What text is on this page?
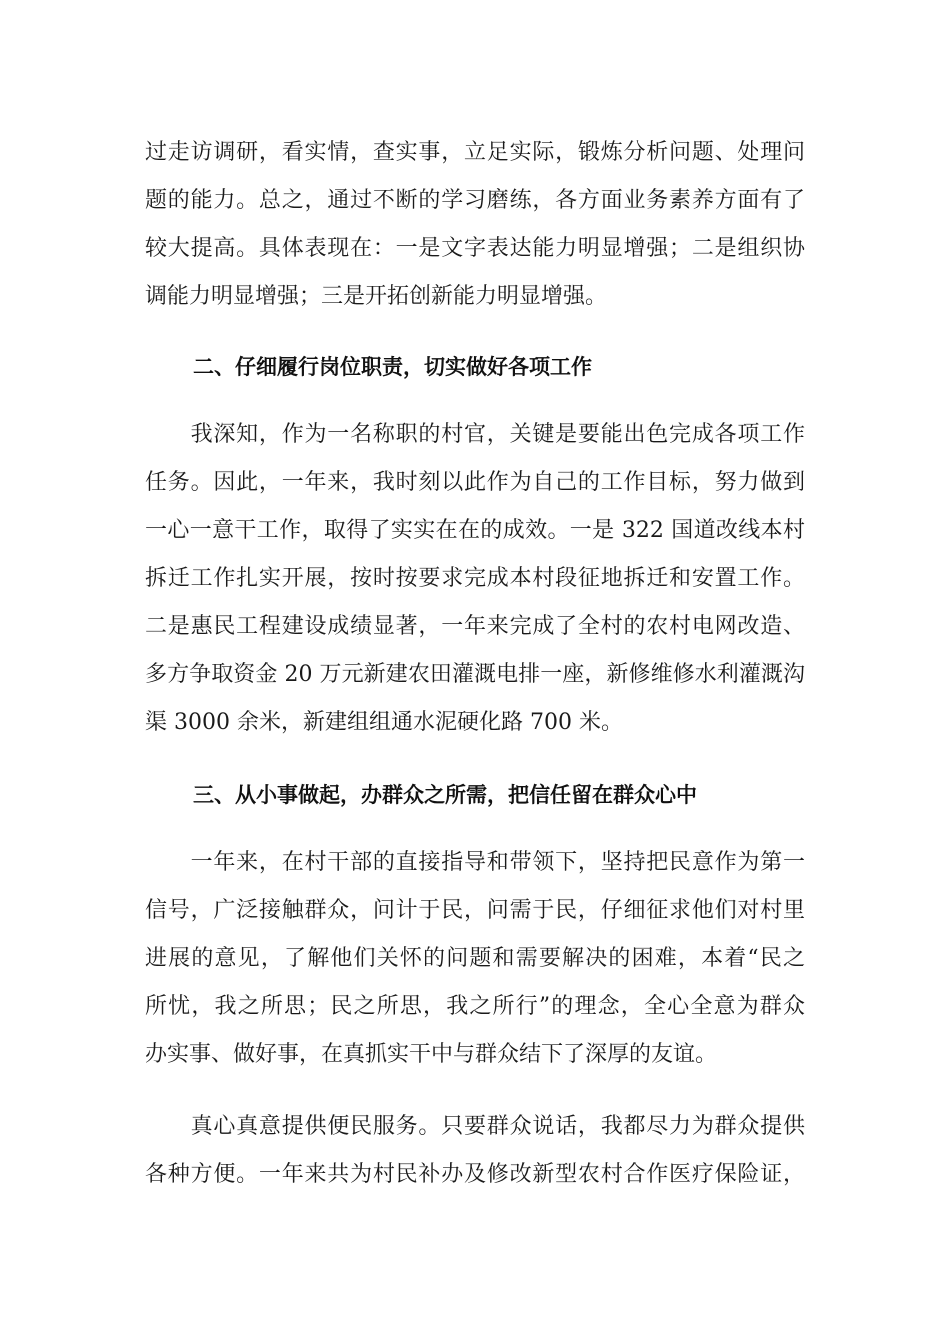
过走访调研，看实情，查实事，立足实际，锻炼分析问题、处理问
题的能力。总之，通过不断的学习磨练，各方面业务素养方面有了
较大提高。具体表现在：一是文字表达能力明显增强；二是组织协
调能力明显增强；三是开拓创新能力明显增强。
二、仔细履行岗位职责，切实做好各项工作
　　我深知，作为一名称职的村官，关键是要能出色完成各项工作
任务。因此，一年来，我时刻以此作为自己的工作目标，努力做到
一心一意干工作，取得了实实在在的成效。一是 322 国道改线本村
拆迁工作扎实开展，按时按要求完成本村段征地拆迁和安置工作。
二是惠民工程建设成绩显著，一年来完成了全村的农村电网改造、
多方争取资金 20 万元新建农田灌溉电排一座，新修维修水利灌溉沟
渠 3000 余米，新建组组通水泥硬化路 700 米。
三、从小事做起，办群众之所需，把信任留在群众心中
　　一年来，在村干部的直接指导和带领下，坚持把民意作为第一
信号，广泛接触群众，问计于民，问需于民，仔细征求他们对村里
进展的意见，了解他们关怀的问题和需要解决的困难，本着“民之
所忧，我之所思；民之所思，我之所行”的理念，全心全意为群众
办实事、做好事，在真抓实干中与群众结下了深厚的友谊。
　　真心真意提供便民服务。只要群众说话，我都尽力为群众提供
各种方便。一年来共为村民补办及修改新型农村合作医疗保险证，
